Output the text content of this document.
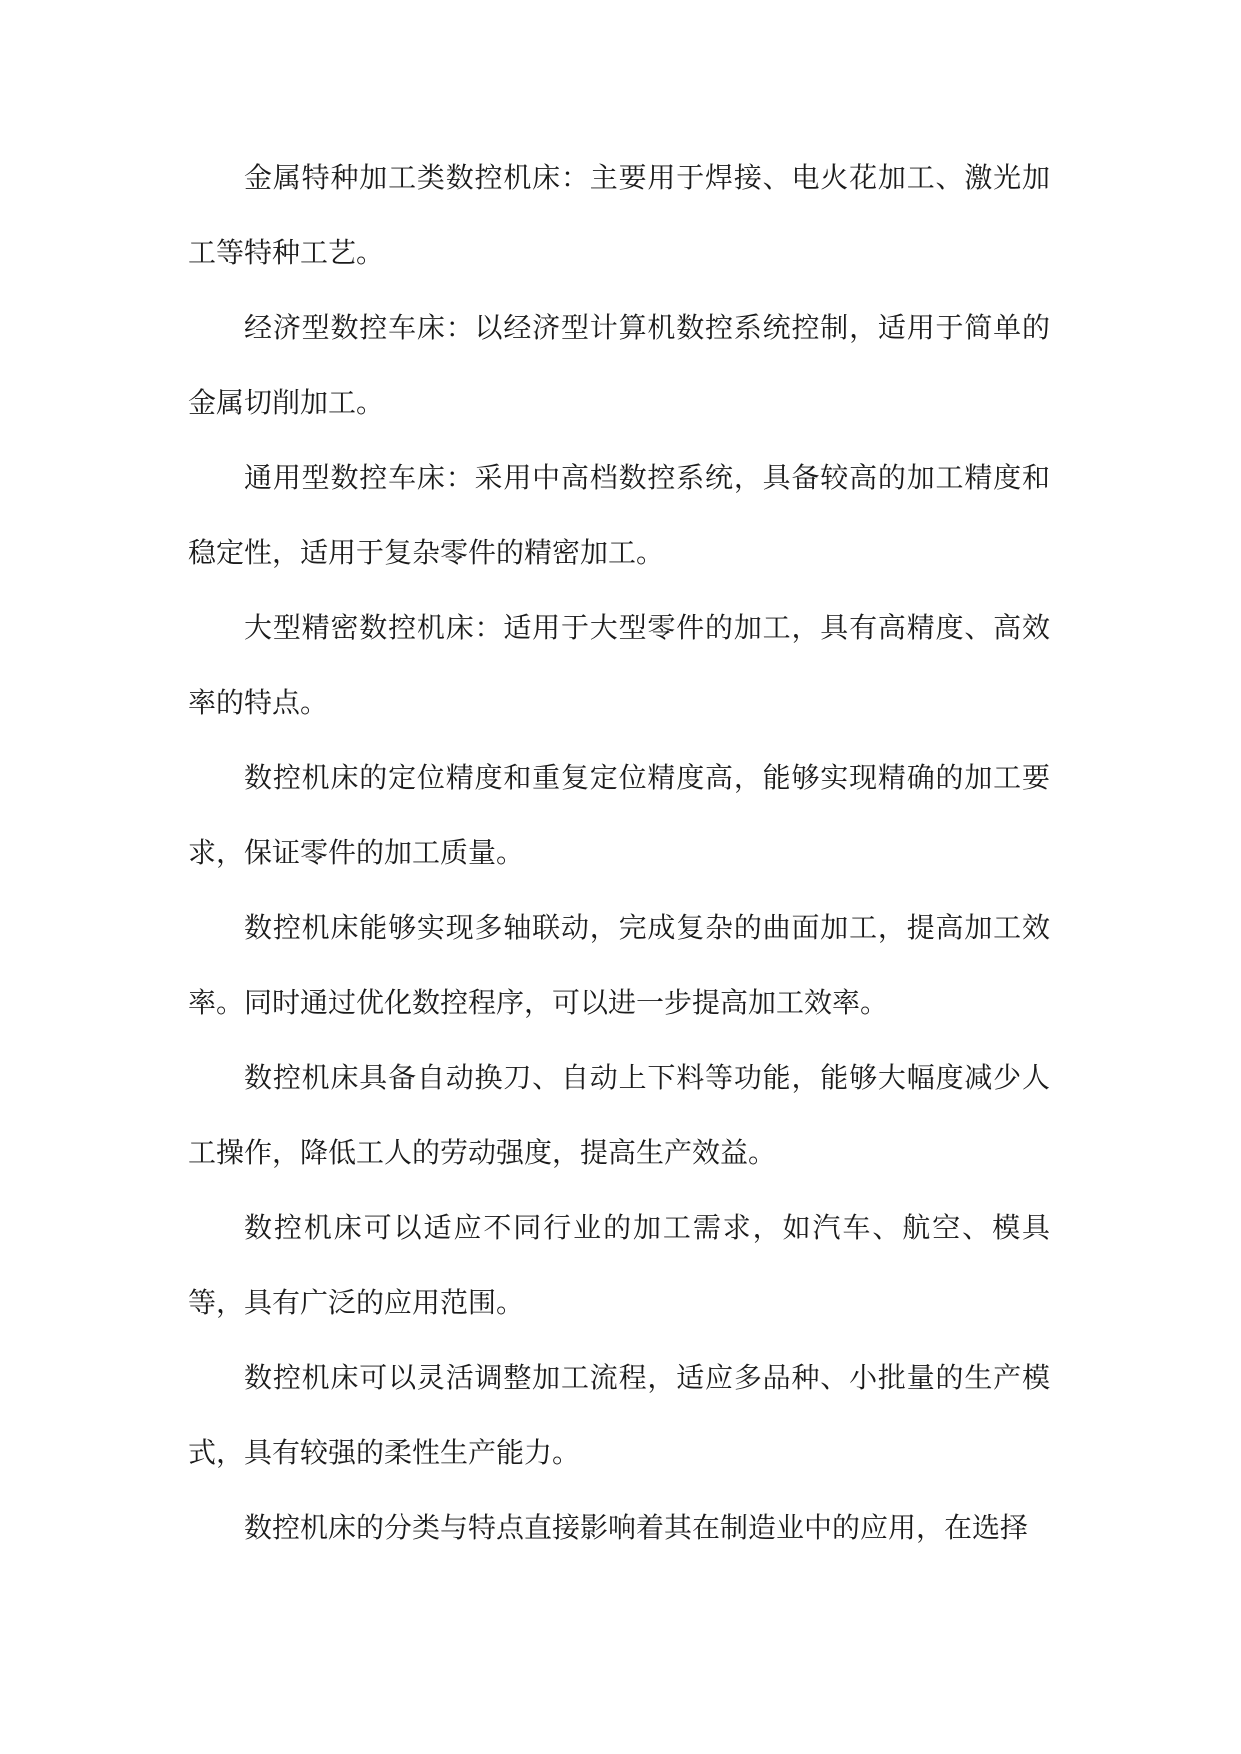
金属特种加工类数控机床：主要用于焊接、电火花加工、激光加工等特种工艺。

经济型数控车床：以经济型计算机数控系统控制，适用于简单的金属切削加工。

通用型数控车床：采用中高档数控系统，具备较高的加工精度和稳定性，适用于复杂零件的精密加工。

大型精密数控机床：适用于大型零件的加工，具有高精度、高效率的特点。

数控机床的定位精度和重复定位精度高，能够实现精确的加工要求，保证零件的加工质量。

数控机床能够实现多轴联动，完成复杂的曲面加工，提高加工效率。同时通过优化数控程序，可以进一步提高加工效率。

数控机床具备自动换刀、自动上下料等功能，能够大幅度减少人工操作，降低工人的劳动强度，提高生产效益。

数控机床可以适应不同行业的加工需求，如汽车、航空、模具等，具有广泛的应用范围。

数控机床可以灵活调整加工流程，适应多品种、小批量的生产模式，具有较强的柔性生产能力。

数控机床的分类与特点直接影响着其在制造业中的应用，在选择
